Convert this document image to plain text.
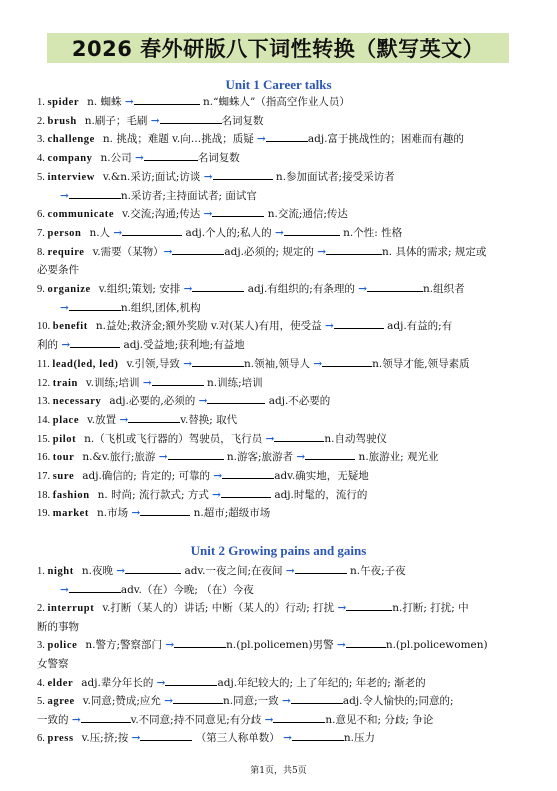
2026 春外研版八下词性转换（默写英文）
Unit 1 Career talks
1. spider n. 蜘蛛 →	n.“蜘蛛人”（指高空作业人员）
2. brush n.刷子；毛刷 →	名词复数
3. challenge n. 挑战；难题 v.向…挑战；质疑 →	adj.富于挑战性的；困难而有趣的
4. company n.公司 →	名词复数
5. interview v.&n.采访;面试;访谈 →	n.参加面试者;接受采访者
→	n.采访者;主持面试者; 面试官
6. communicate v.交流;沟通;传达 →	n.交流;通信;传达
7. person n.人 →	adj.个人的;私人的 →	n.个性: 性格
8. require v.需要（某物）→	adj.必须的; 规定的 →	n. 具体的需求; 规定或
必要条件
9. organize v.组织;策划; 安排 →	adj.有组织的;有条理的 →	n.组织者
→	n.组织,团体,机构
10. benefit n.益处;救济金;额外奖励 v.对(某人)有用，使受益 →	adj.有益的;有
利的 →	adj.受益地;获利地;有益地
11. lead(led, led) v.引领,导致 →	n.领袖,领导人 →	n.领导才能,领导素质
12. train v.训练;培训 →	n.训练;培训
13. necessary adj.必要的,必须的 →	adj.不必要的
14. place v.放置 →	v.替换; 取代
15. pilot n.（飞机或飞行器的）驾驶员，飞行员 →	n.自动驾驶仪
16. tour n.&v.旅行;旅游 →	n.游客;旅游者 →	n.旅游业; 观光业
17. sure adj.确信的; 肯定的; 可靠的 →	adv.确实地，无疑地
18. fashion n. 时尚; 流行款式; 方式 →	adj.时髦的，流行的
19. market n.市场 →	n.超市;超级市场
Unit 2 Growing pains and gains
1. night n.夜晚 →	adv.一夜之间;在夜间 →	n.午夜;子夜
→	adv.（在）今晚; （在）今夜
2. interrupt v.打断（某人的）讲话; 中断（某人的）行动; 打扰 →	n.打断; 打扰; 中
断的事物
3. police n.警方;警察部门 →	n.(pl.policemen)男警 →	n.(pl.policewomen)
女警察
4. elder adj.辈分年长的 →	adj.年纪较大的; 上了年纪的; 年老的; 渐老的
5. agree v.同意;赞成;应允 →	n.同意;一致 →	adj.令人愉快的;同意的;
一致的 →	v.不同意;持不同意见;有分歧 →	n.意见不和; 分歧; 争论
6. press v.压;挤;按 →	（第三人称单数） →	n.压力
第1页，共5页
